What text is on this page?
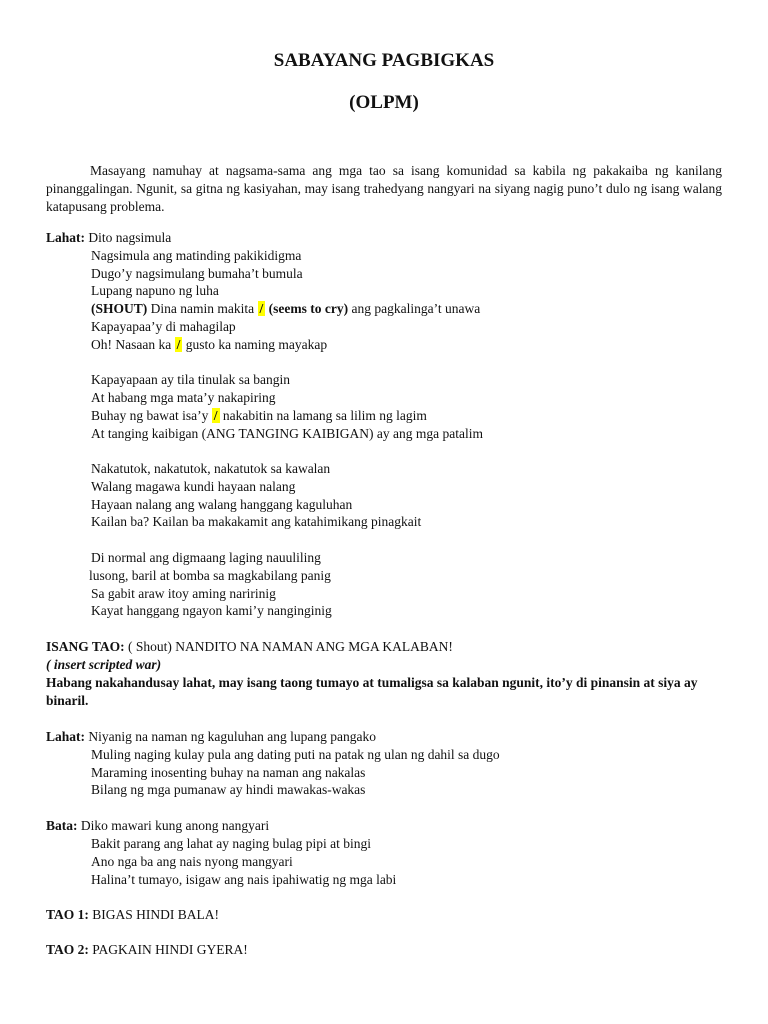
SABAYANG PAGBIGKAS
(OLPM)

Masayang namuhay at nagsama-sama ang mga tao sa isang komunidad sa kabila ng pakakaiba ng kanilang pinanggalingan. Ngunit, sa gitna ng kasiyahan, may isang trahedyang nangyari na siyang nagig puno’t dulo ng isang walang katapusang problema.

Lahat: Dito nagsimula
Nagsimula ang matinding pakikidigma
Dugo’y nagsimulang bumaha’t bumula
Lupang napuno ng luha
(SHOUT) Dina namin makita / (seems to cry) ang pagkalinga’t unawa
Kapayapaa’y di mahagilap
Oh! Nasaan ka / gusto ka naming mayakap
Kapayapaan ay tila tinulak sa bangin
At habang mga mata’y nakapiring
Buhay ng bawat isa’y / nakabitin na lamang sa lilim ng lagim
At tanging kaibigan (ANG TANGING KAIBIGAN) ay ang mga patalim
Nakatutok, nakatutok, nakatutok sa kawalan
Walang magawa kundi hayaan nalang
Hayaan nalang ang walang hanggang kaguluhan
Kailan ba? Kailan ba makakamit ang katahimikang pinagkait
Di normal ang digmaang laging nauuliling
lusong, baril at bomba sa magkabilang panig
Sa gabit araw itoy aming naririnig
Kayat hanggang ngayon kami’y nanginginig
ISANG TAO: ( Shout) NANDITO NA NAMAN ANG MGA KALABAN!
( insert scripted war)

Habang nakahandusay lahat, may isang taong tumayo at tumaligsa sa kalaban ngunit, ito’y di pinansin at siya ay binaril.

Lahat: Niyanig na naman ng kaguluhan ang lupang pangako
Muling naging kulay pula ang dating puti na patak ng ulan ng dahil sa dugo
Maraming inosenting buhay na naman ang nakalas
Bilang ng mga pumanaw ay hindi mawakas-wakas
Bata: Diko mawari kung anong nangyari
Bakit parang ang lahat ay naging bulag pipi at bingi
Ano nga ba ang nais nyong mangyari
Halina’t tumayo, isigaw ang nais ipahiwatig ng mga labi
TAO 1: BIGAS HINDI BALA!
TAO 2: PAGKAIN HINDI GYERA!
